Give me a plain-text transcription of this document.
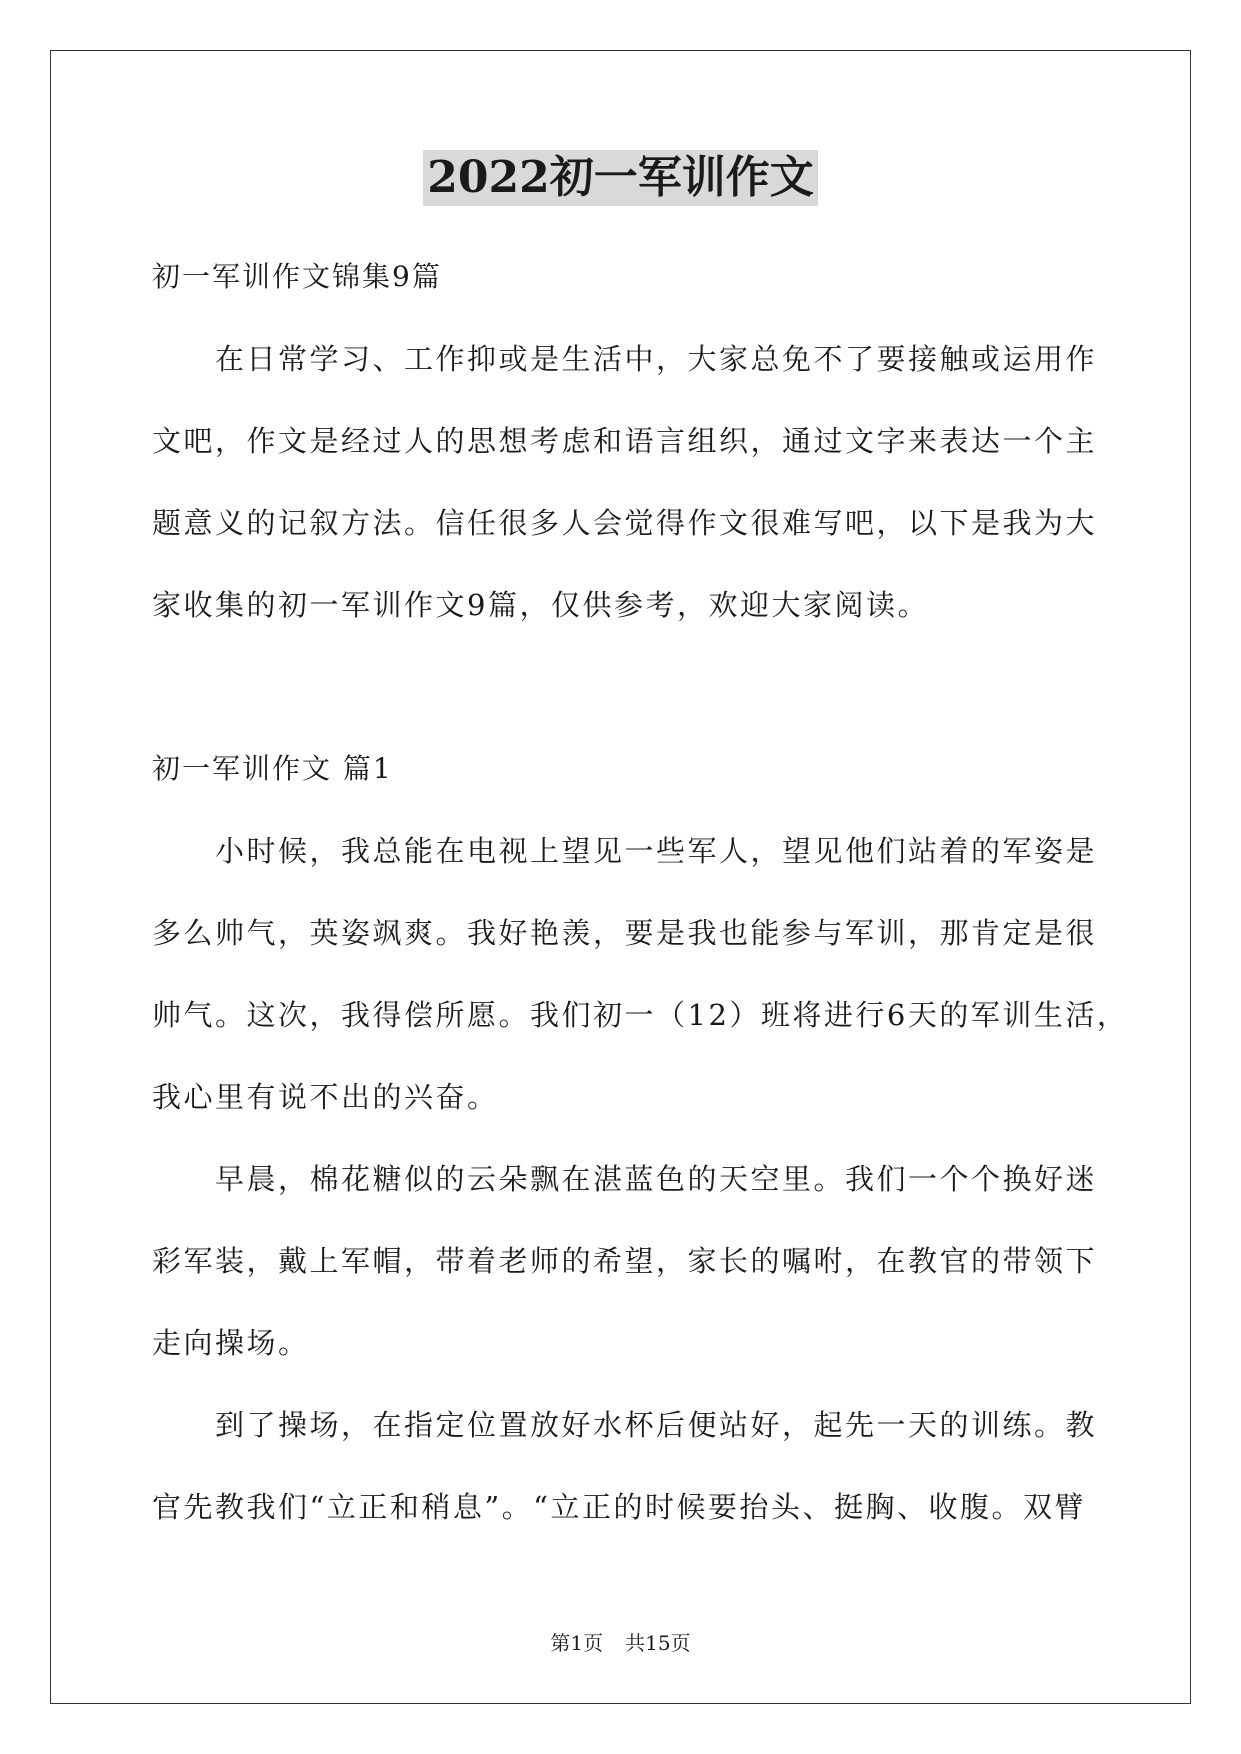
2022初一军训作文
初一军训作文锦集9篇
　　在日常学习、工作抑或是生活中，大家总免不了要接触或运用作
文吧，作文是经过人的思想考虑和语言组织，通过文字来表达一个主
题意义的记叙方法。信任很多人会觉得作文很难写吧，以下是我为大
家收集的初一军训作文9篇，仅供参考，欢迎大家阅读。
初一军训作文 篇1
　　小时候，我总能在电视上望见一些军人，望见他们站着的军姿是
多么帅气，英姿飒爽。我好艳羡，要是我也能参与军训，那肯定是很
帅气。这次，我得偿所愿。我们初一（12）班将进行6天的军训生活，
我心里有说不出的兴奋。
　　早晨，棉花糖似的云朵飘在湛蓝色的天空里。我们一个个换好迷
彩军装，戴上军帽，带着老师的希望，家长的嘱咐，在教官的带领下
走向操场。
　　到了操场，在指定位置放好水杯后便站好，起先一天的训练。教
官先教我们“立正和稍息”。“立正的时候要抬头、挺胸、收腹。双臂
第1页 共15页
